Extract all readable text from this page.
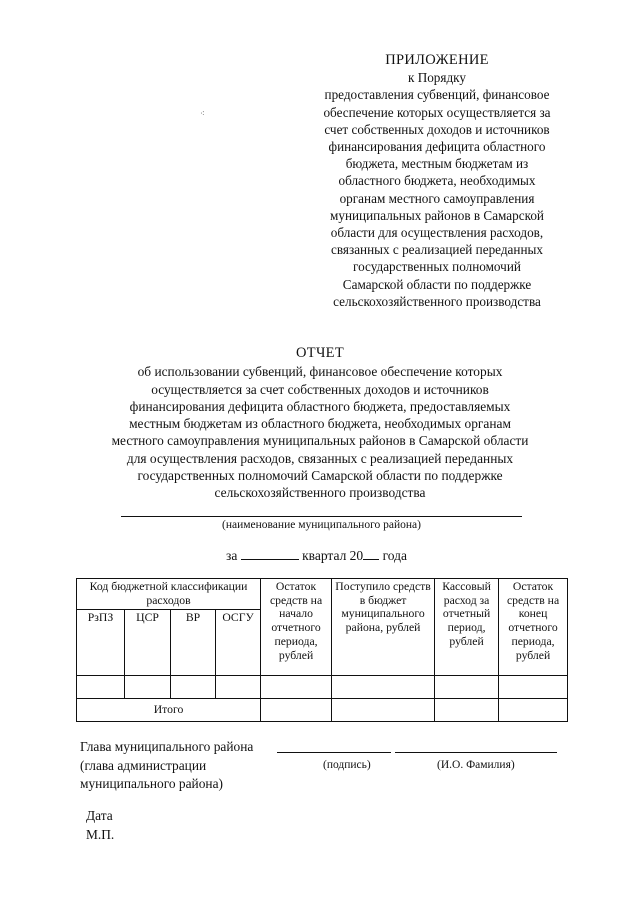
ПРИЛОЖЕНИЕ
к Порядку
предоставления субвенций, финансовое
обеспечение которых осуществляется за
счет собственных доходов и источников
финансирования дефицита областного
бюджета, местным бюджетам из
областного бюджета, необходимых
органам местного самоуправления
муниципальных районов в Самарской
области для осуществления расходов,
связанных с реализацией переданных
государственных полномочий
Самарской области по поддержке
сельскохозяйственного производства
⁖
ОТЧЕТ
об использовании субвенций, финансовое обеспечение которых
осуществляется за счет собственных доходов и источников
финансирования дефицита областного бюджета, предоставляемых
местным бюджетам из областного бюджета, необходимых органам
местного самоуправления муниципальных районов в Самарской области
для осуществления расходов, связанных с реализацией переданных
государственных полномочий Самарской области по поддержке
сельскохозяйственного производства
(наименование муниципального района)
за	квартал 20 года
Код бюджетной классификации расходов				Остаток средств на начало отчетного периода, рублей	Поступило средств в бюджет муниципального района, рублей	Кассовый расход за отчетный период, рублей	Остаток средств на конец отчетного периода, рублей
РзПЗ	ЦСР	ВР	ОСГУ				

Итого							
Глава муниципального района
(глава администрации
муниципального района)
(подпись)	(И.О. Фамилия)
Дата
М.П.
